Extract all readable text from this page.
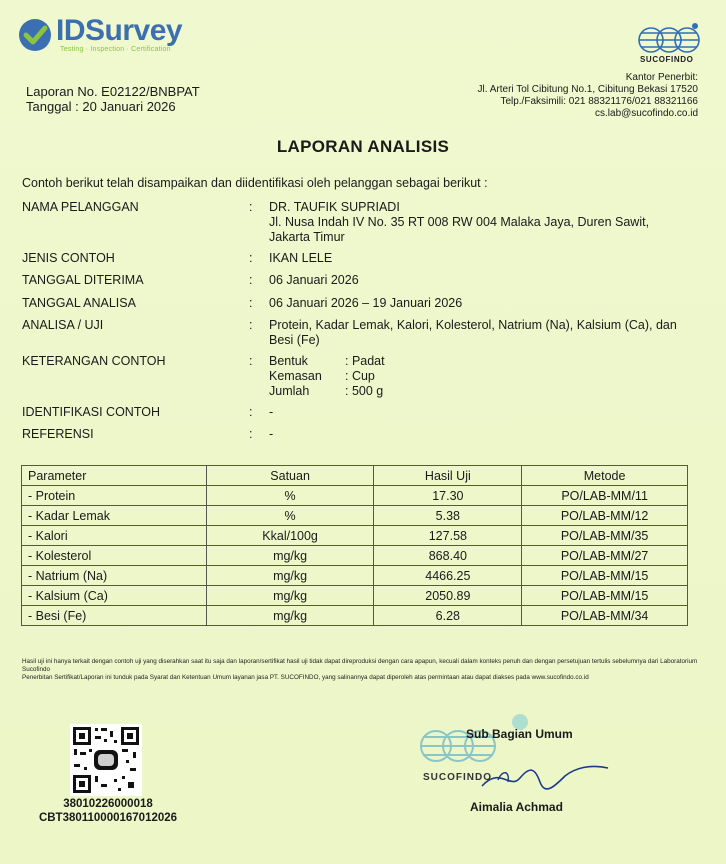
IDSurvey
Testing · Inspection · Certification
SUCOFINDO
Laporan No. E02122/BNBPAT
Tanggal : 20 Januari 2026
Kantor Penerbit:
Jl. Arteri Tol Cibitung No.1, Cibitung Bekasi 17520
Telp./Faksimili: 021 88321176/021 88321166
cs.lab@sucofindo.co.id
LAPORAN ANALISIS
Contoh berikut telah disampaikan dan diidentifikasi oleh pelanggan sebagai berikut :
NAMA PELANGGAN	: DR. TAUFIK SUPRIADI
Jl. Nusa Indah IV No. 35 RT 008 RW 004 Malaka Jaya, Duren Sawit,
Jakarta Timur
JENIS CONTOH	: IKAN LELE
TANGGAL DITERIMA	: 06 Januari 2026
TANGGAL ANALISA	: 06 Januari 2026 – 19 Januari 2026
ANALISA / UJI	: Protein, Kadar Lemak, Kalori, Kolesterol, Natrium (Na), Kalsium (Ca), dan
Besi (Fe)
KETERANGAN CONTOH	: Bentuk	: Padat
Kemasan : Cup
Jumlah	: 500 g
IDENTIFIKASI CONTOH	: -
REFERENSI	: -
Parameter	Satuan	Hasil Uji	Metode
- Protein	%	17.30	PO/LAB-MM/11
- Kadar Lemak	%	5.38	PO/LAB-MM/12
- Kalori	Kkal/100g	127.58	PO/LAB-MM/35
- Kolesterol	mg/kg	868.40	PO/LAB-MM/27
- Natrium (Na)	mg/kg	4466.25	PO/LAB-MM/15
- Kalsium (Ca)	mg/kg	2050.89	PO/LAB-MM/15
- Besi (Fe)	mg/kg	6.28	PO/LAB-MM/34
Hasil uji ini hanya terkait dengan contoh uji yang diserahkan saat itu saja dan laporan/sertifikat hasil uji tidak dapat direproduksi dengan cara apapun, kecuali dalam konteks penuh dan dengan persetujuan tertulis sebelumnya dari Laboratorium Sucofindo
Penerbitan Sertifikat/Laporan ini tunduk pada Syarat dan Ketentuan Umum layanan jasa PT. SUCOFINDO, yang salinannya dapat diperoleh atas permintaan atau dapat diakses pada www.sucofindo.co.id
38010226000018
CBT380110000167012026
SUCOFINDO
Sub Bagian Umum
Aimalia Achmad
